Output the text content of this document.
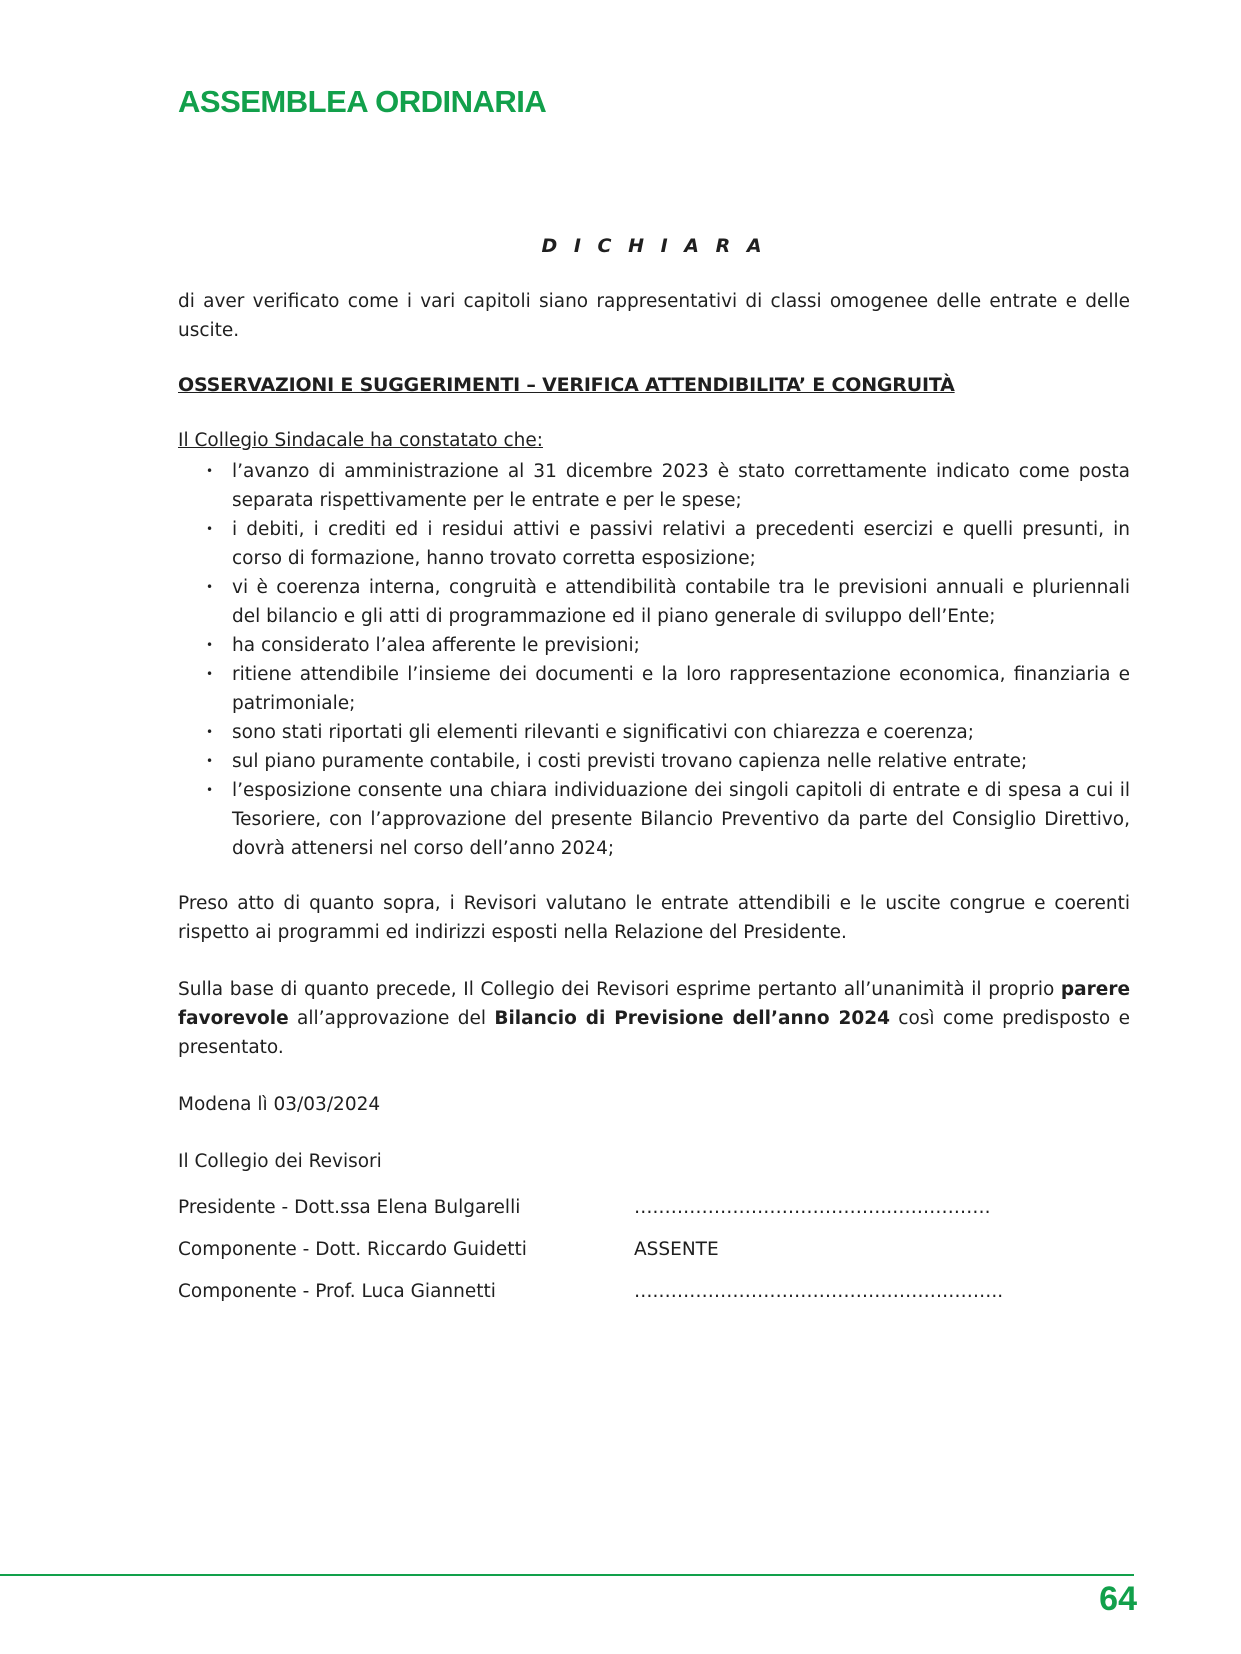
ASSEMBLEA ORDINARIA

D I C H I A R A

di aver verificato come i vari capitoli siano rappresentativi di classi omogenee delle entrate e delle uscite.

OSSERVAZIONI E SUGGERIMENTI – VERIFICA ATTENDIBILITA’ E CONGRUITÀ

Il Collegio Sindacale ha constatato che:

• l’avanzo di amministrazione al 31 dicembre 2023 è stato correttamente indicato come posta separata rispettivamente per le entrate e per le spese;
• i debiti, i crediti ed i residui attivi e passivi relativi a precedenti esercizi e quelli presunti, in corso di formazione, hanno trovato corretta esposizione;
• vi è coerenza interna, congruità e attendibilità contabile tra le previsioni annuali e pluriennali del bilancio e gli atti di programmazione ed il piano generale di sviluppo dell’Ente;
• ha considerato l’alea afferente le previsioni;
• ritiene attendibile l’insieme dei documenti e la loro rappresentazione economica, finanziaria e patrimoniale;
• sono stati riportati gli elementi rilevanti e significativi con chiarezza e coerenza;
• sul piano puramente contabile, i costi previsti trovano capienza nelle relative entrate;
• l’esposizione consente una chiara individuazione dei singoli capitoli di entrate e di spesa a cui il Tesoriere, con l’approvazione del presente Bilancio Preventivo da parte del Consiglio Direttivo, dovrà attenersi nel corso dell’anno 2024;

Preso atto di quanto sopra, i Revisori valutano le entrate attendibili e le uscite congrue e coerenti rispetto ai programmi ed indirizzi esposti nella Relazione del Presidente.

Sulla base di quanto precede, Il Collegio dei Revisori esprime pertanto all’unanimità il proprio parere favorevole all’approvazione del Bilancio di Previsione dell’anno 2024 così come predisposto e presentato.

Modena lì 03/03/2024

Il Collegio dei Revisori

Presidente - Dott.ssa Elena Bulgarelli	….………………………………..…………….
Componente - Dott. Riccardo Guidetti	ASSENTE
Componente - Prof. Luca Giannetti	….………………………………………………..
64
